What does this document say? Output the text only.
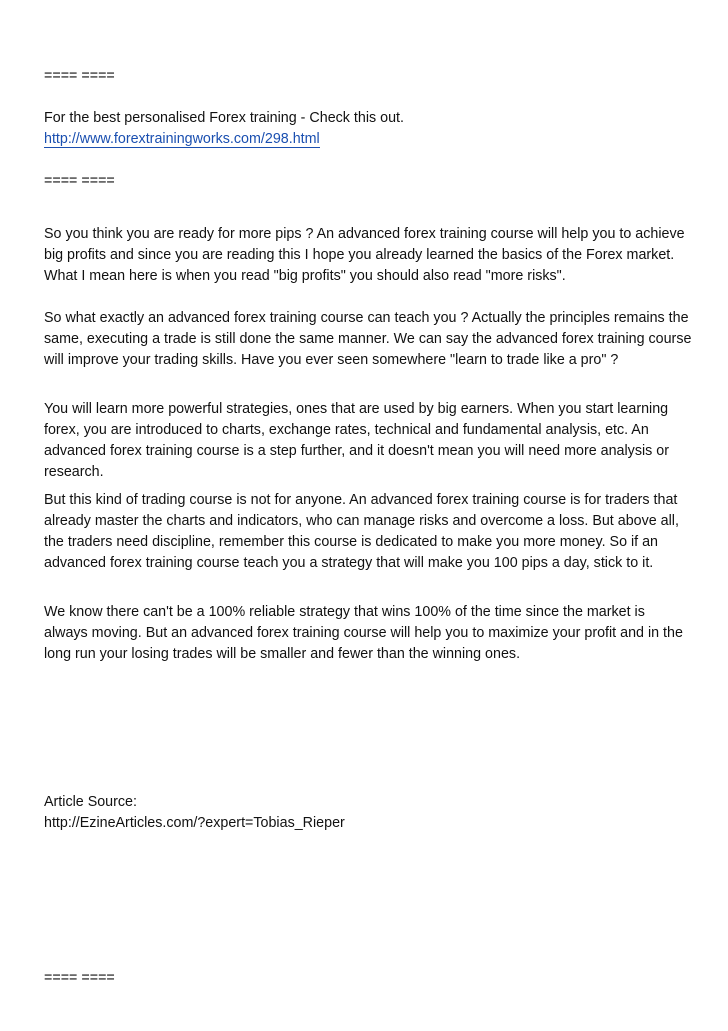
==== ====

For the best personalised Forex training - Check this out.

http://www.forextrainingworks.com/298.html

==== ====

So you think you are ready for more pips ? An advanced forex training course will help you to achieve big profits and since you are reading this I hope you already learned the basics of the Forex market. What I mean here is when you read "big profits" you should also read "more risks".

So what exactly an advanced forex training course can teach you ? Actually the principles remains the same, executing a trade is still done the same manner. We can say the advanced forex training course will improve your trading skills. Have you ever seen somewhere "learn to trade like a pro" ?

You will learn more powerful strategies, ones that are used by big earners. When you start learning forex, you are introduced to charts, exchange rates, technical and fundamental analysis, etc. An advanced forex training course is a step further, and it doesn't mean you will need more analysis or research.

But this kind of trading course is not for anyone. An advanced forex training course is for traders that already master the charts and indicators, who can manage risks and overcome a loss. But above all, the traders need discipline, remember this course is dedicated to make you more money. So if an advanced forex training course teach you a strategy that will make you 100 pips a day, stick to it.

We know there can't be a 100% reliable strategy that wins 100% of the time since the market is always moving. But an advanced forex training course will help you to maximize your profit and in the long run your losing trades will be smaller and fewer than the winning ones.

Article Source:

http://EzineArticles.com/?expert=Tobias_Rieper

==== ====
